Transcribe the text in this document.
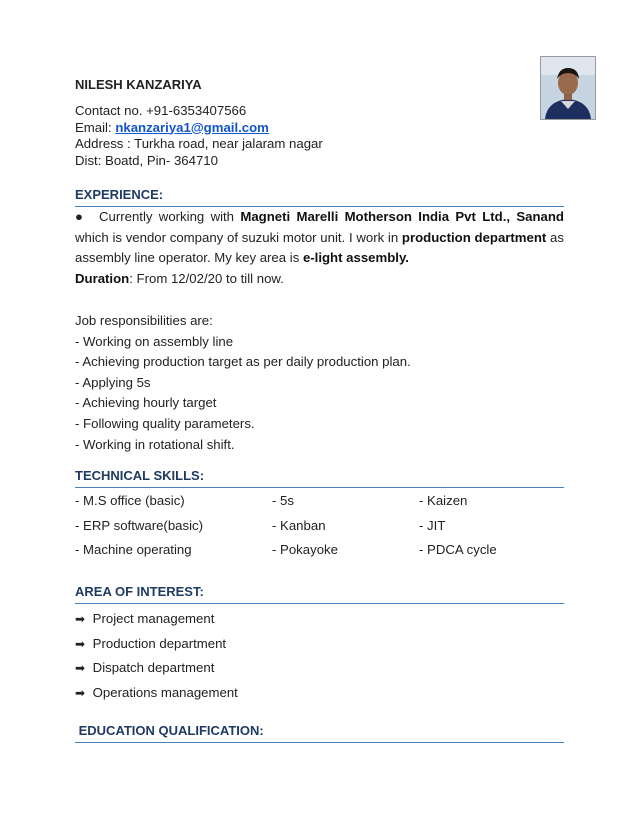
NILESH KANZARIYA
Contact no. +91-6353407566
Email: nkanzariya1@gmail.com
Address : Turkha road, near jalaram nagar
Dist: Boatd, Pin- 364710
EXPERIENCE:
● Currently working with Magneti Marelli Motherson India Pvt Ltd., Sanand which is vendor company of suzuki motor unit. I work in production department as assembly line operator. My key area is e-light assembly.
Duration: From 12/02/20 to till now.
Job responsibilities are:
- Working on assembly line
- Achieving production target as per daily production plan.
- Applying 5s
- Achieving hourly target
- Following quality parameters.
- Working in rotational shift.
TECHNICAL SKILLS:
- M.S office (basic)	- 5s	- Kaizen
- ERP software(basic)	- Kanban	- JIT
- Machine operating	- Pokayoke	- PDCA cycle
AREA OF INTEREST:
➡ Project management
➡ Production department
➡ Dispatch department
➡ Operations management
EDUCATION QUALIFICATION:
